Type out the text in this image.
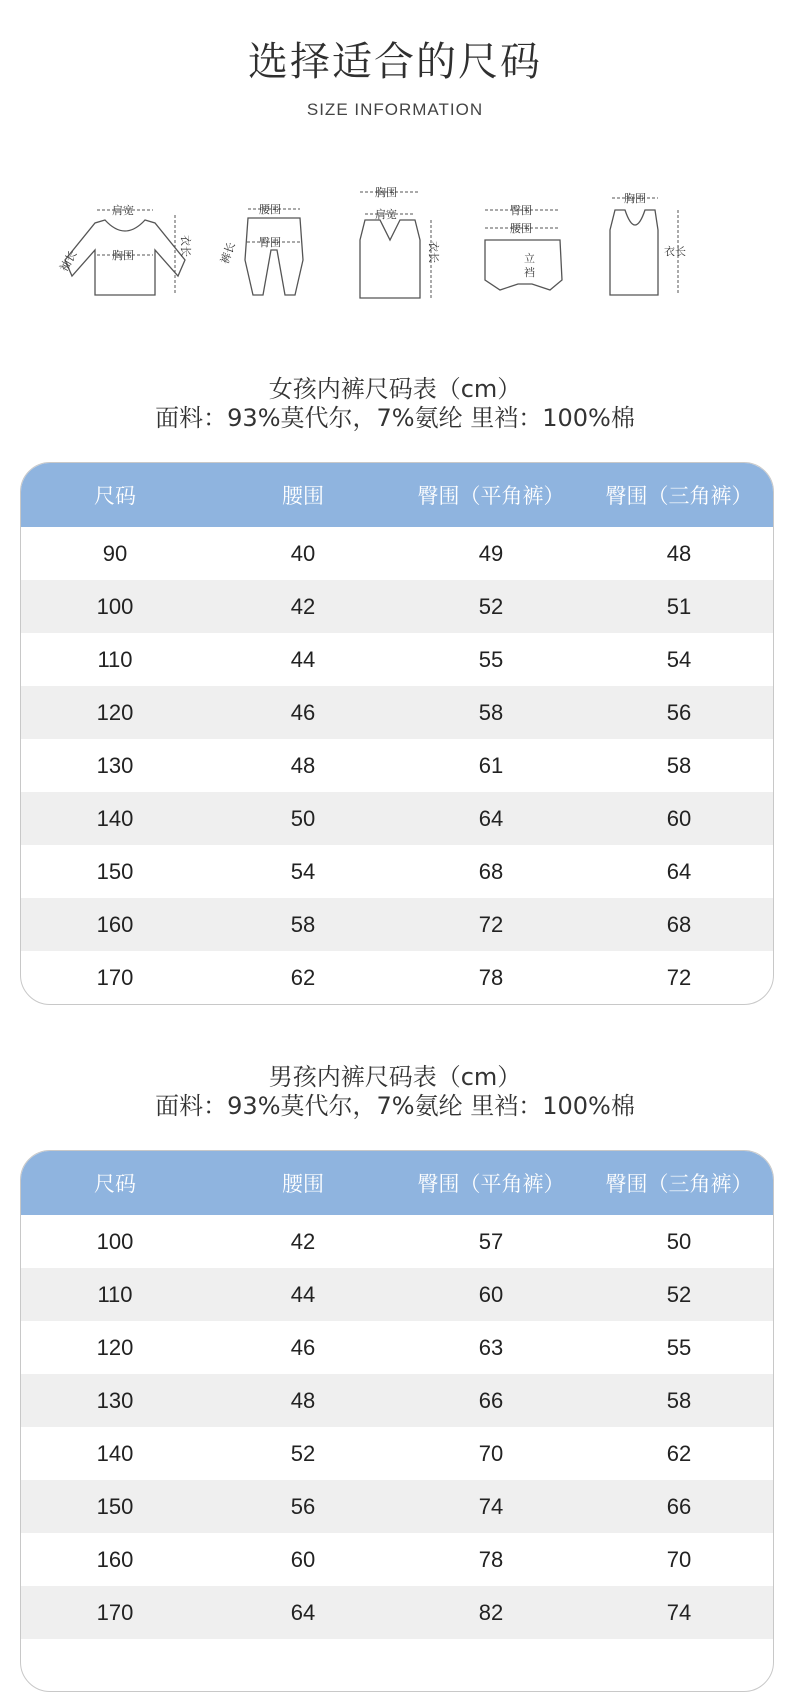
选择适合的尺码
SIZE INFORMATION
肩宽
胸围	衣长
袖长
腰围
臀围
裤长
胸围
肩宽
衣长
臀围
腰围
立
裆
胸围
衣长
女孩内裤尺码表（cm）
面料：93%莫代尔，7%氨纶 里裆：100%棉
尺码	腰围	臀围（平角裤）	臀围（三角裤）
90	40	49	48
100	42	52	51
110	44	55	54
120	46	58	56
130	48	61	58
140	50	64	60
150	54	68	64
160	58	72	68
170	62	78	72
男孩内裤尺码表（cm）
面料：93%莫代尔，7%氨纶 里裆：100%棉
尺码	腰围	臀围（平角裤）	臀围（三角裤）
100	42	57	50
110	44	60	52
120	46	63	55
130	48	66	58
140	52	70	62
150	56	74	66
160	60	78	70
170	64	82	74
